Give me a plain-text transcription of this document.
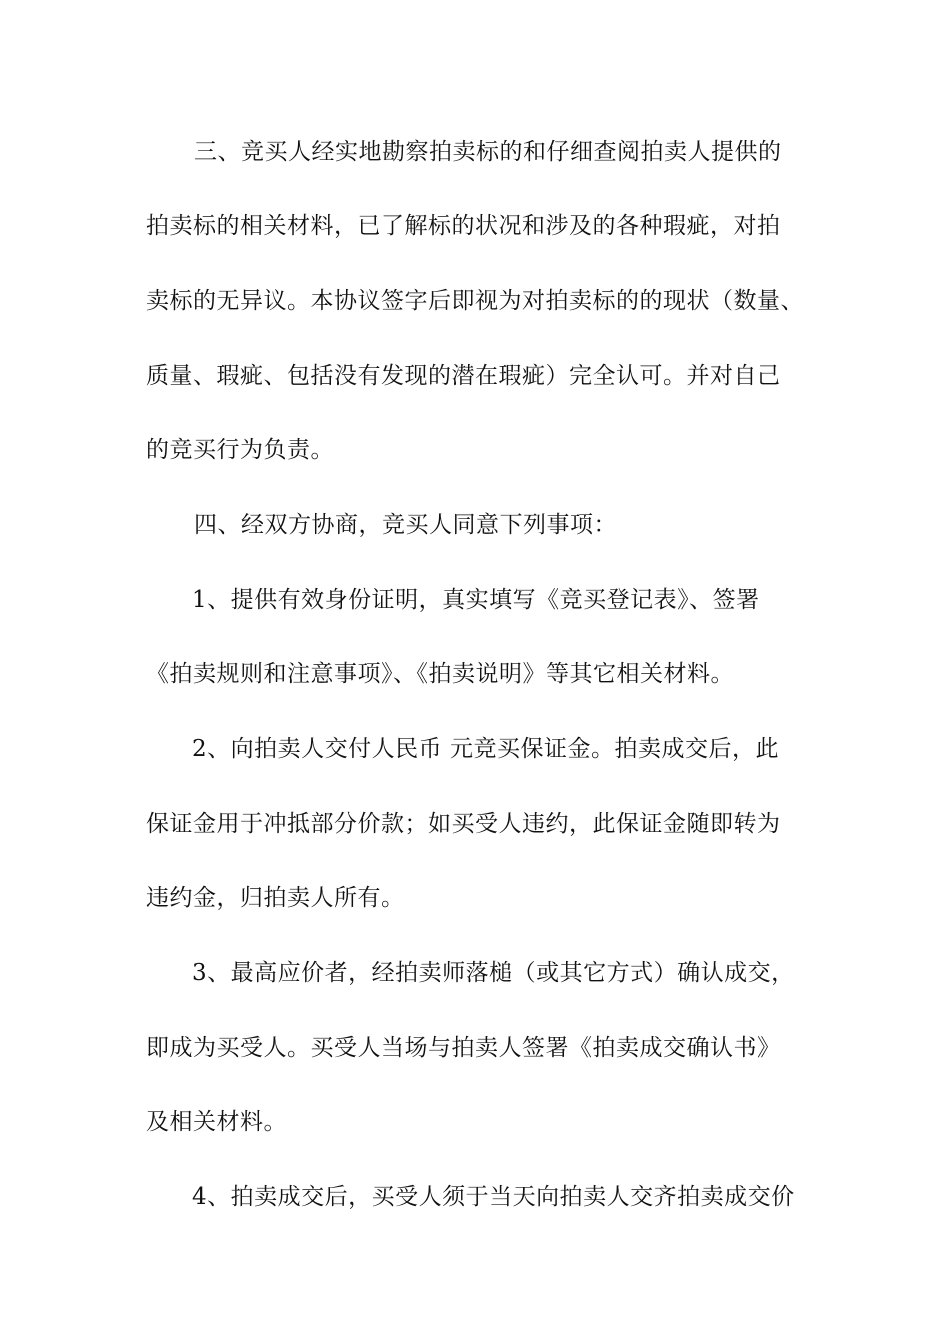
三、竞买人经实地勘察拍卖标的和仔细查阅拍卖人提供的
拍卖标的相关材料，已了解标的状况和涉及的各种瑕疵，对拍
卖标的无异议。本协议签字后即视为对拍卖标的的现状（数量、
质量、瑕疵、包括没有发现的潜在瑕疵）完全认可。并对自己
的竞买行为负责。
四、经双方协商，竞买人同意下列事项：
1、提供有效身份证明，真实填写《竞买登记表》、签署
《拍卖规则和注意事项》、《拍卖说明》等其它相关材料。
2、向拍卖人交付人民币 元竞买保证金。拍卖成交后，此
保证金用于冲抵部分价款；如买受人违约，此保证金随即转为
违约金，归拍卖人所有。
3、最高应价者，经拍卖师落槌（或其它方式）确认成交，
即成为买受人。买受人当场与拍卖人签署《拍卖成交确认书》
及相关材料。
4、拍卖成交后，买受人须于当天向拍卖人交齐拍卖成交价
